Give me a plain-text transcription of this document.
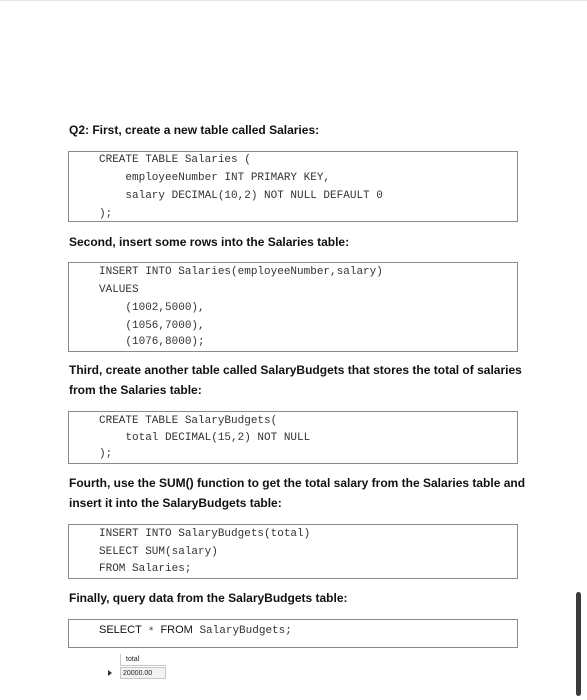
Q2: First, create a new table called Salaries:
CREATE TABLE Salaries (
employeeNumber INT PRIMARY KEY,
salary DECIMAL(10,2) NOT NULL DEFAULT 0
);
Second, insert some rows into the Salaries table:
INSERT INTO Salaries(employeeNumber,salary)
VALUES
(1002,5000),
(1056,7000),
(1076,8000);
Third, create another table called SalaryBudgets that stores the total of salaries
from the Salaries table:
CREATE TABLE SalaryBudgets(
total DECIMAL(15,2) NOT NULL
);
Fourth, use the SUM() function to get the total salary from the Salaries table and
insert it into the SalaryBudgets table:
INSERT INTO SalaryBudgets(total)
SELECT SUM(salary)
FROM Salaries;
Finally, query data from the SalaryBudgets table:
SELECT * FROM SalaryBudgets;
total
20000.00
